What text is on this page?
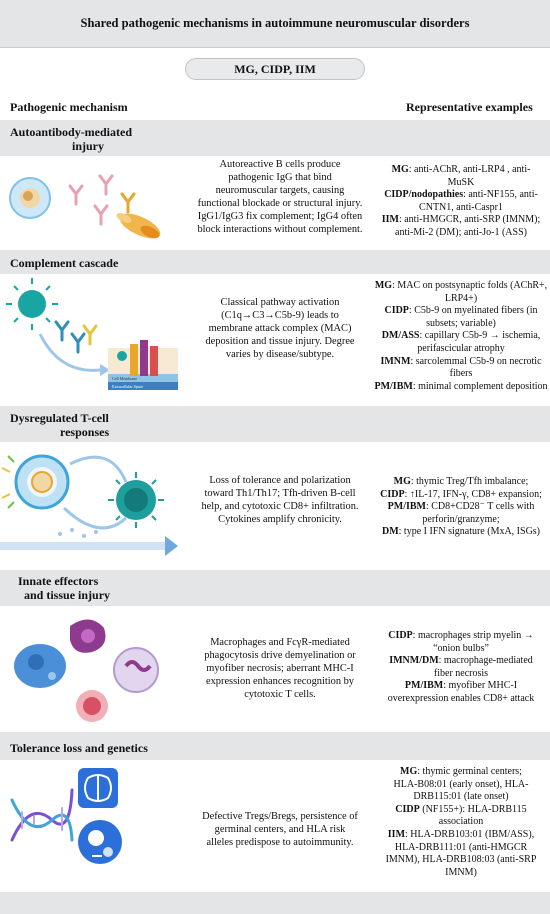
Shared pathogenic mechanisms in autoimmune neuromuscular disorders
MG, CIDP, IIM
Pathogenic mechanism	Representative examples
Autoantibody-mediated
injury
Autoreactive B cells produce
pathogenic IgG that bind
neuromuscular targets, causing
functional blockade or structural injury.
IgG1/IgG3 fix complement; IgG4 often
block interactions without complement.
MG: anti-AChR, anti-LRP4 , anti-
MuSK
CIDP/nodopathies: anti-NF155, anti-
CNTN1, anti-Caspr1
IIM: anti-HMGCR, anti-SRP (IMNM);
anti-Mi-2 (DM); anti-Jo-1 (ASS)
Complement cascade
Cell Membrane
Extracellular Space
Classical pathway activation
(C1q→C3→C5b-9) leads to
membrane attack complex (MAC)
deposition and tissue injury. Degree
varies by disease/subtype.
MG: MAC on postsynaptic folds (AChR+,
LRP4+)
CIDP: C5b-9 on myelinated fibers (in
subsets; variable)
DM/ASS: capillary C5b-9 → ischemia,
perifascicular atrophy
IMNM: sarcolemmal C5b-9 on necrotic
fibers
PM/IBM: minimal complement deposition
Dysregulated T-cell
responses
Loss of tolerance and polarization
toward Th1/Th17; Tfh-driven B-cell
help, and cytotoxic CD8+ infiltration.
Cytokines amplify chronicity.
MG: thymic Treg/Tfh imbalance;
CIDP: ↑IL-17, IFN-γ, CD8+ expansion;
PM/IBM: CD8+CD28⁻ T cells with
perforin/granzyme;
DM: type I IFN signature (MxA, ISGs)
Innate effectors
and tissue injury
Macrophages and FcγR-mediated
phagocytosis drive demyelination or
myofiber necrosis; aberrant MHC-I
expression enhances recognition by
cytotoxic T cells.
CIDP: macrophages strip myelin →
“onion bulbs”
IMNM/DM: macrophage-mediated
fiber necrosis
PM/IBM: myofiber MHC-I
overexpression enables CD8+ attack
Tolerance loss and genetics
Defective Tregs/Bregs, persistence of
germinal centers, and HLA risk
alleles predispose to autoimmunity.
MG: thymic germinal centers;
HLA-B08:01 (early onset), HLA-
DRB115:01 (late onset)
CIDP (NF155+): HLA-DRB115
association
IIM: HLA-DRB103:01 (IBM/ASS),
HLA-DRB111:01 (anti-HMGCR
IMNM), HLA-DRB108:03 (anti-SRP
IMNM)
